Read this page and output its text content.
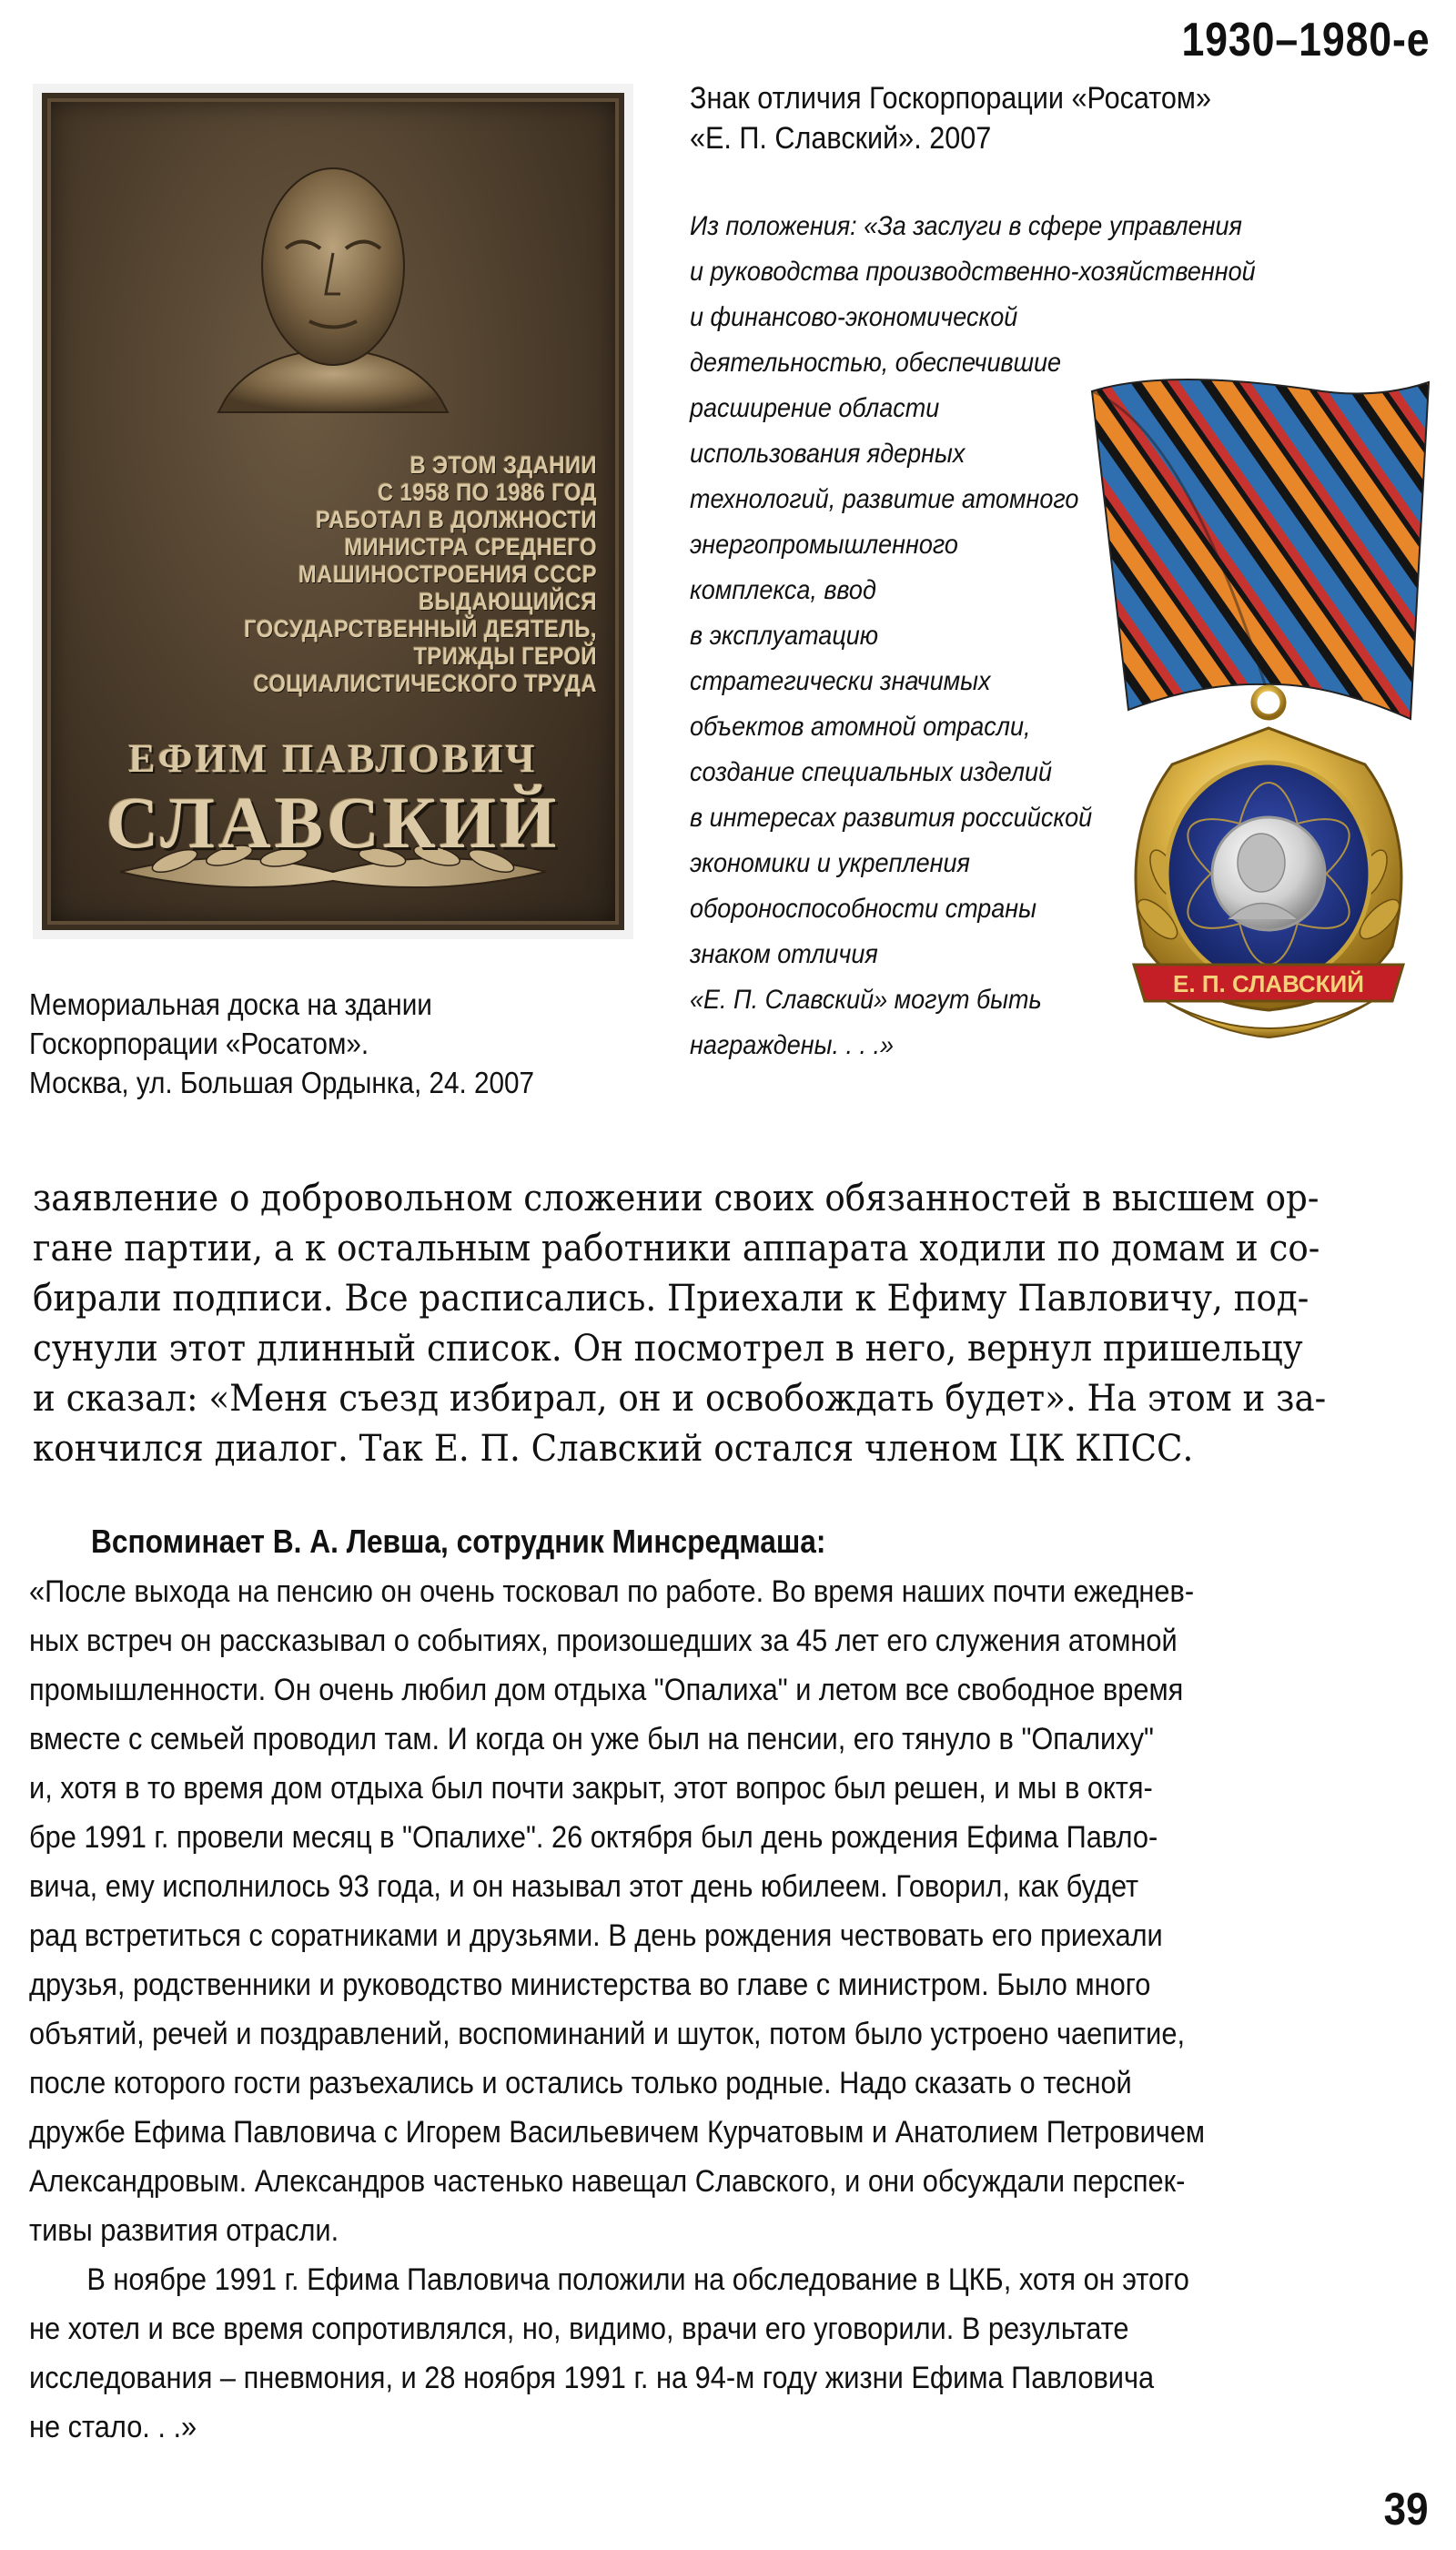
1930–1980-е
В ЭТОМ ЗДАНИИ
С 1958 ПО 1986 ГОД
РАБОТАЛ В ДОЛЖНОСТИ
МИНИСТРА СРЕДНЕГО
МАШИНОСТРОЕНИЯ СССР
ВЫДАЮЩИЙСЯ
ГОСУДАРСТВЕННЫЙ ДЕЯТЕЛЬ,
ТРИЖДЫ ГЕРОЙ
СОЦИАЛИСТИЧЕСКОГО ТРУДА
ЕФИМ ПАВЛОВИЧ
СЛАВСКИЙ
Мемориальная доска на здании
Госкорпорации «Росатом».
Москва, ул. Большая Ордынка, 24. 2007
Знак отличия Госкорпорации «Росатом»
«Е. П. Славский». 2007
Из положения: «За заслуги в сфере управления
и руководства производственно-хозяйственной
и финансово-экономической
деятельностью, обеспечившие
расширение области
использования ядерных
технологий, развитие атомного
энергопромышленного
комплекса, ввод
в эксплуатацию
стратегически значимых
объектов атомной отрасли,
создание специальных изделий
в интересах развития российской
экономики и укрепления
обороноспособности страны
знаком отличия
«Е. П. Славский» могут быть
награждены. . . .»
Е. П. СЛАВСКИЙ
заявление о добровольном сложении своих обязанностей в высшем ор-
гане партии, а к остальным работники аппарата ходили по домам и со-
бирали подписи. Все расписались. Приехали к Ефиму Павловичу, под-
сунули этот длинный список. Он посмотрел в него, вернул пришельцу
и сказал: «Меня съезд избирал, он и освобождать будет». На этом и за-
кончился диалог. Так Е. П. Славский остался членом ЦК КПСС.
Вспоминает В. А. Левша, сотрудник Минсредмаша:
«После выхода на пенсию он очень тосковал по работе. Во время наших почти ежеднев-
ных встреч он рассказывал о событиях, произошедших за 45 лет его служения атомной
промышленности. Он очень любил дом отдыха "Опалиха" и летом все свободное время
вместе с семьей проводил там. И когда он уже был на пенсии, его тянуло в "Опалиху"
и, хотя в то время дом отдыха был почти закрыт, этот вопрос был решен, и мы в октя-
бре 1991 г. провели месяц в "Опалихе". 26 октября был день рождения Ефима Павло-
вича, ему исполнилось 93 года, и он называл этот день юбилеем. Говорил, как будет
рад встретиться с соратниками и друзьями. В день рождения чествовать его приехали
друзья, родственники и руководство министерства во главе с министром. Было много
объятий, речей и поздравлений, воспоминаний и шуток, потом было устроено чаепитие,
после которого гости разъехались и остались только родные. Надо сказать о тесной
дружбе Ефима Павловича с Игорем Васильевичем Курчатовым и Анатолием Петровичем
Александровым. Александров частенько навещал Славского, и они обсуждали перспек-
тивы развития отрасли.
В ноябре 1991 г. Ефима Павловича положили на обследование в ЦКБ, хотя он этого
не хотел и все время сопротивлялся, но, видимо, врачи его уговорили. В результате
исследования – пневмония, и 28 ноября 1991 г. на 94-м году жизни Ефима Павловича
не стало. . .»
39
